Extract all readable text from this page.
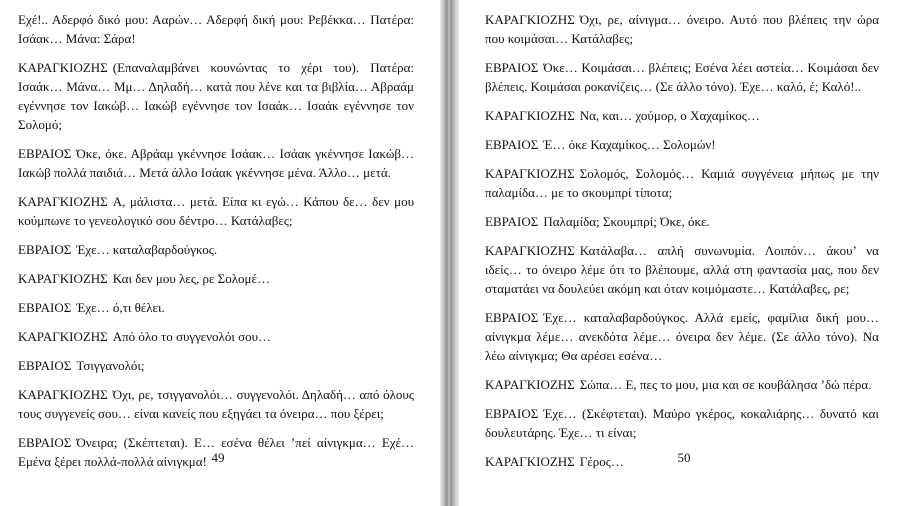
Εχέ!.. Αδερφό δικό μου: Ααρών… Αδερφή δική μου: Ρεβέκκα… Πατέρα: Ισάακ… Μάνα: Σάρα!

ΚΑΡΑΓΚΙΟΖΗΣ (Επαναλαμβάνει κουνώντας το χέρι του). Πατέρα: Ισαάκ… Μάνα… Μμ… Δηλαδή… κατά που λένε και τα βιβλία… Αβραάμ εγέννησε τον Ιακώβ… Ιακώβ εγέννησε τον Ισαάκ… Ισαάκ εγέννησε τον Σολομό;

ΕΒΡΑΙΟΣ Όκε, όκε. Αβράαμ γκέννησε Ισάακ… Ισάακ γκέννησε Ιακώβ… Ιακώβ πολλά παιδιά… Μετά άλλο Ισάακ γκέννησε μένα. Άλλο… μετά.

ΚΑΡΑΓΚΙΟΖΗΣ Α, μάλιστα… μετά. Είπα κι εγώ… Κάπου δε… δεν μου κούμπωνε το γενεολογικό σου δέντρο… Κατάλαβες;

ΕΒΡΑΙΟΣ Έχε… καταλαβαρδούγκος.

ΚΑΡΑΓΚΙΟΖΗΣ Και δεν μου λες, ρε Σολομέ…

ΕΒΡΑΙΟΣ Έχε… ό,τι θέλει.

ΚΑΡΑΓΚΙΟΖΗΣ Από όλο το συγγενολόι σου…

ΕΒΡΑΙΟΣ Τσιγγανολόι;

ΚΑΡΑΓΚΙΟΖΗΣ Όχι, ρε, τσιγγανολόι… συγγενολόι. Δηλαδή… από όλους τους συγγενείς σου… είναι κανείς που εξηγάει τα όνειρα… που ξέρει;

ΕΒΡΑΙΟΣ Όνειρα; (Σκέπτεται). Ε… εσένα θέλει ’πεί αίνιγκμα… Εχέ… Εμένα ξέρει πολλά-πολλά αίνιγκμα! 49

ΚΑΡΑΓΚΙΟΖΗΣ Όχι, ρε, αίνιγμα… όνειρο. Αυτό που βλέπεις την ώρα που κοιμάσαι… Κατάλαβες;

ΕΒΡΑΙΟΣ Όκε… Κοιμάσαι… βλέπεις; Εσένα λέει αστεία… Κοιμάσαι δεν βλέπεις. Κοιμάσαι ροκανίζεις… (Σε άλλο τόνο). Έχε… καλό, έ; Καλό!..

ΚΑΡΑΓΚΙΟΖΗΣ Να, και… χούμορ, ο Χαχαμίκος…

ΕΒΡΑΙΟΣ Έ… όκε Καχαμίκος… Σολομών!

ΚΑΡΑΓΚΙΟΖΗΣ Σολομός, Σολομός… Καμιά συγγένεια μήπως με την παλαμίδα… με το σκουμπρί τίποτα;

ΕΒΡΑΙΟΣ Παλαμίδα; Σκουμπρί; Όκε, όκε.

ΚΑΡΑΓΚΙΟΖΗΣ Κατάλαβα… απλή συνωνυμία. Λοιπόν… άκου’ να ιδείς… το όνειρο λέμε ότι το βλέπουμε, αλλά στη φαντασία μας, που δεν σταματάει να δουλεύει ακόμη και όταν κοιμόμαστε… Κατάλαβες, ρε;

ΕΒΡΑΙΟΣ Έχε… καταλαβαρδούγκος. Αλλά εμείς, φαμίλια δική μου… αίνιγκμα λέμε… ανεκδότα λέμε… όνειρα δεν λέμε. (Σε άλλο τόνο). Να λέω αίνιγκμα; Θα αρέσει εσένα…

ΚΑΡΑΓΚΙΟΖΗΣ Σώπα… Ε, πες το μου, μια και σε κουβάλησα ’δώ πέρα.

ΕΒΡΑΙΟΣ Έχε… (Σκέφτεται). Μαύρο γκέρος, κοκαλιάρης… δυνατό και δουλευτάρης. Έχε… τι είναι;

ΚΑΡΑΓΚΙΟΖΗΣ Γέρος…	50
